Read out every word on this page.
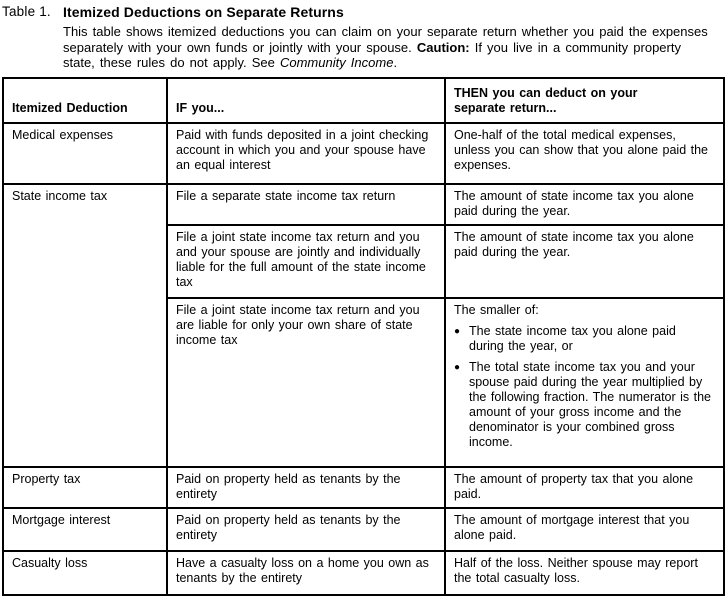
Table 1. Itemized Deductions on Separate Returns

This table shows itemized deductions you can claim on your separate return whether you paid the expenses separately with your own funds or jointly with your spouse. Caution: If you live in a community property state, these rules do not apply. See Community Income.

Itemized Deduction	IF you...	THEN you can deduct on your separate return...
Medical expenses	Paid with funds deposited in a joint checking account in which you and your spouse have an equal interest	One-half of the total medical expenses, unless you can show that you alone paid the expenses.
State income tax	File a separate state income tax return	The amount of state income tax you alone paid during the year.
	File a joint state income tax return and you and your spouse are jointly and individually liable for the full amount of the state income tax	The amount of state income tax you alone paid during the year.
	File a joint state income tax return and you are liable for only your own share of state income tax	The smaller of:
● The state income tax you alone paid during the year, or
● The total state income tax you and your spouse paid during the year multiplied by the following fraction. The numerator is the amount of your gross income and the denominator is your combined gross income.

Property tax	Paid on property held as tenants by the entirety	The amount of property tax that you alone paid.
Mortgage interest	Paid on property held as tenants by the entirety	The amount of mortgage interest that you alone paid.
Casualty loss	Have a casualty loss on a home you own as tenants by the entirety	Half of the loss. Neither spouse may report the total casualty loss.
